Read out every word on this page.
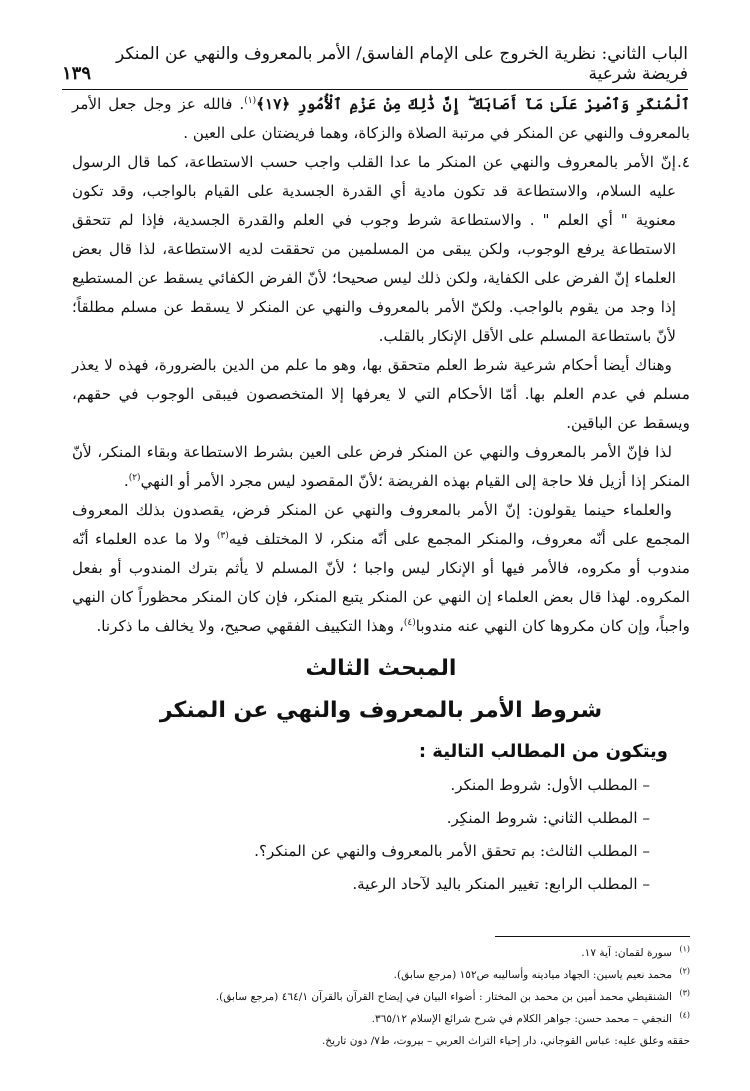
الباب الثاني: نظرية الخروج على الإمام الفاسق/ الأمر بالمعروف والنهي عن المنكر فريضة شرعية
١٣٩

ٱلْمُنكَرِ وَٱصْبِرْ عَلَىٰ مَآ أَصَابَكَ ۖ إِنَّ ذَٰلِكَ مِنْ عَزْمِ ٱلْأُمُورِ ﴿١٧﴾$^{(١)}$. فالله عز وجل جعل الأمر بالمعروف والنهي عن المنكر في مرتبة الصلاة والزكاة، وهما فريضتان على العين .

٤.
إنّ الأمر بالمعروف والنهي عن المنكر ما عدا القلب واجب حسب الاستطاعة، كما قال الرسول عليه السلام، والاستطاعة قد تكون مادية أي القدرة الجسدية على القيام بالواجب، وقد تكون معنوية " أي العلم " . والاستطاعة شرط وجوب في العلم والقدرة الجسدية، فإذا لم تتحقق الاستطاعة يرفع الوجوب، ولكن يبقى من المسلمين من تحققت لديه الاستطاعة، لذا قال بعض العلماء إنّ الفرض على الكفاية، ولكن ذلك ليس صحيحا؛ لأنّ الفرض الكفائي يسقط عن المستطيع إذا وجد من يقوم بالواجب. ولكنّ الأمر بالمعروف والنهي عن المنكر لا يسقط عن مسلم مطلقاً؛ لأنّ باستطاعة المسلم على الأقل الإنكار بالقلب.

وهناك أيضا أحكام شرعية شرط العلم متحقق بها، وهو ما علم من الدين بالضرورة، فهذه لا يعذر مسلم في عدم العلم بها. أمّا الأحكام التي لا يعرفها إلا المتخصصون فيبقى الوجوب في حقهم، ويسقط عن الباقين.

لذا فإنّ الأمر بالمعروف والنهي عن المنكر فرض على العين بشرط الاستطاعة وبقاء المنكر، لأنّ المنكر إذا أزيل فلا حاجة إلى القيام بهذه الفريضة ؛لأنّ المقصود ليس مجرد الأمر أو النهي$^{(٢)}$.

والعلماء حينما يقولون: إنّ الأمر بالمعروف والنهي عن المنكر فرض، يقصدون بذلك المعروف المجمع على أنّه معروف، والمنكر المجمع على أنّه منكر، لا المختلف فيه$^{(٣)}$ ولا ما عده العلماء أنّه مندوب أو مكروه، فالأمر فيها أو الإنكار ليس واجبا ؛ لأنّ المسلم لا يأثم بترك المندوب أو بفعل المكروه. لهذا قال بعض العلماء إن النهي عن المنكر يتبع المنكر، فإن كان المنكر محظوراً كان النهي واجباً، وإن كان مكروها كان النهي عنه مندوبا$^{(٤)}$، وهذا التكييف الفقهي صحيح، ولا يخالف ما ذكرنا.

المبحث الثالث
شروط الأمر بالمعروف والنهي عن المنكر
ويتكون من المطالب التالية :
– المطلب الأول: شروط المنكر.
– المطلب الثاني: شروط المنكِر.
– المطلب الثالث: بم تحقق الأمر بالمعروف والنهي عن المنكر؟.
– المطلب الرابع: تغيير المنكر باليد لآحاد الرعية.
$^{(١)}$
سورة لقمان: آية ١٧.
$^{(٢)}$
محمد نعيم ياسين: الجهاد ميادينه وأساليبه ص١٥٢ (مرجع سابق).
$^{(٣)}$
الشنقيطي محمد أمين بن محمد بن المختار : أضواء البيان في إيضاح القرآن بالقرآن ٤٦٤/١ (مرجع سابق).
$^{(٤)}$
النجفي – محمد حسن: جواهر الكلام في شرح شرائع الإسلام ٣٦٥/١٢.
حققه وعلق عليه: عباس القوجاني، دار إحياء التراث العربي – بيروت، ط٧/ دون تاريخ.
